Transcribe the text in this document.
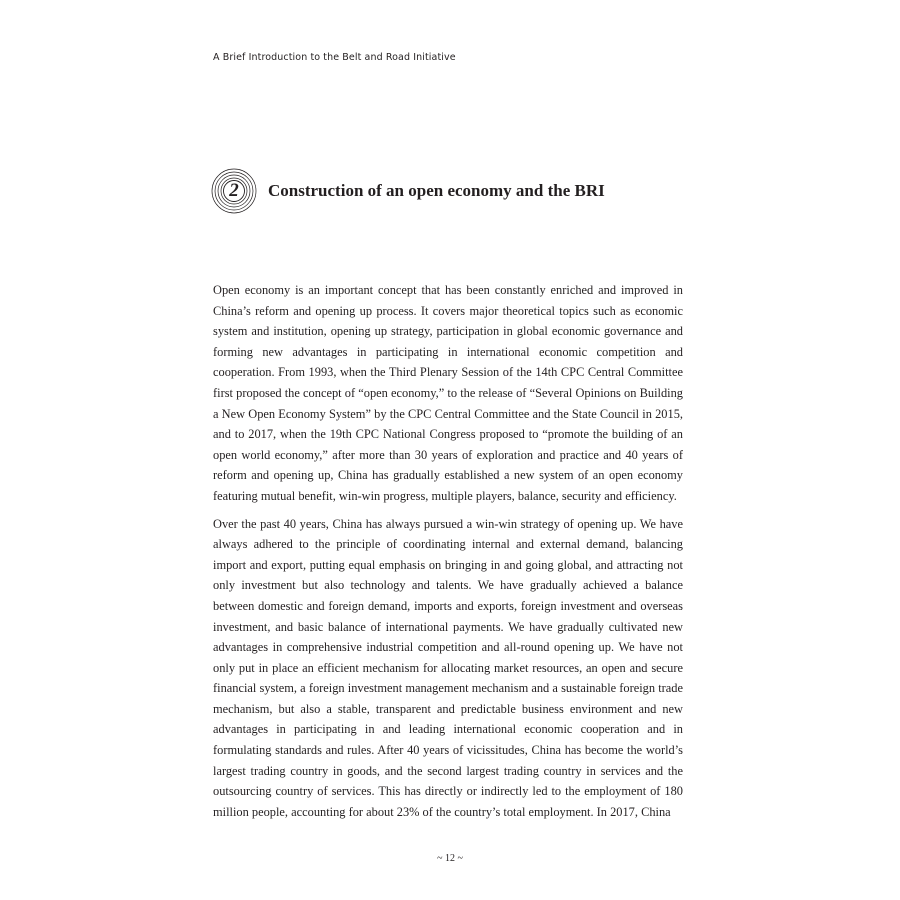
A Brief Introduction to the Belt and Road Initiative
2	Construction of an open economy and the BRI

Open economy is an important concept that has been constantly enriched and improved in China’s reform and opening up process. It covers major theoretical topics such as economic system and institution, opening up strategy, participation in global economic governance and forming new advantages in participating in international economic competition and cooperation. From 1993, when the Third Plenary Session of the 14th CPC Central Committee first proposed the concept of “open economy,” to the release of “Several Opinions on Building a New Open Economy System” by the CPC Central Committee and the State Council in 2015, and to 2017, when the 19th CPC National Congress proposed to “promote the building of an open world economy,” after more than 30 years of exploration and practice and 40 years of reform and opening up, China has gradually established a new system of an open economy featuring mutual benefit, win-win progress, multiple players, balance, security and efficiency.

Over the past 40 years, China has always pursued a win-win strategy of opening up. We have always adhered to the principle of coordinating internal and external demand, balancing import and export, putting equal emphasis on bringing in and going global, and attracting not only investment but also technology and talents. We have gradually achieved a balance between domestic and foreign demand, imports and exports, foreign investment and overseas investment, and basic balance of international payments. We have gradually cultivated new advantages in comprehensive industrial competition and all-round opening up. We have not only put in place an efficient mechanism for allocating market resources, an open and secure financial system, a foreign investment management mechanism and a sustainable foreign trade mechanism, but also a stable, transparent and predictable business environment and new advantages in participating in and leading international economic cooperation and in formulating standards and rules. After 40 years of vicissitudes, China has become the world’s largest trading country in goods, and the second largest trading country in services and the outsourcing country of services. This has directly or indirectly led to the employment of 180 million people, accounting for about 23% of the country’s total employment. In 2017, China

~ 12 ~
